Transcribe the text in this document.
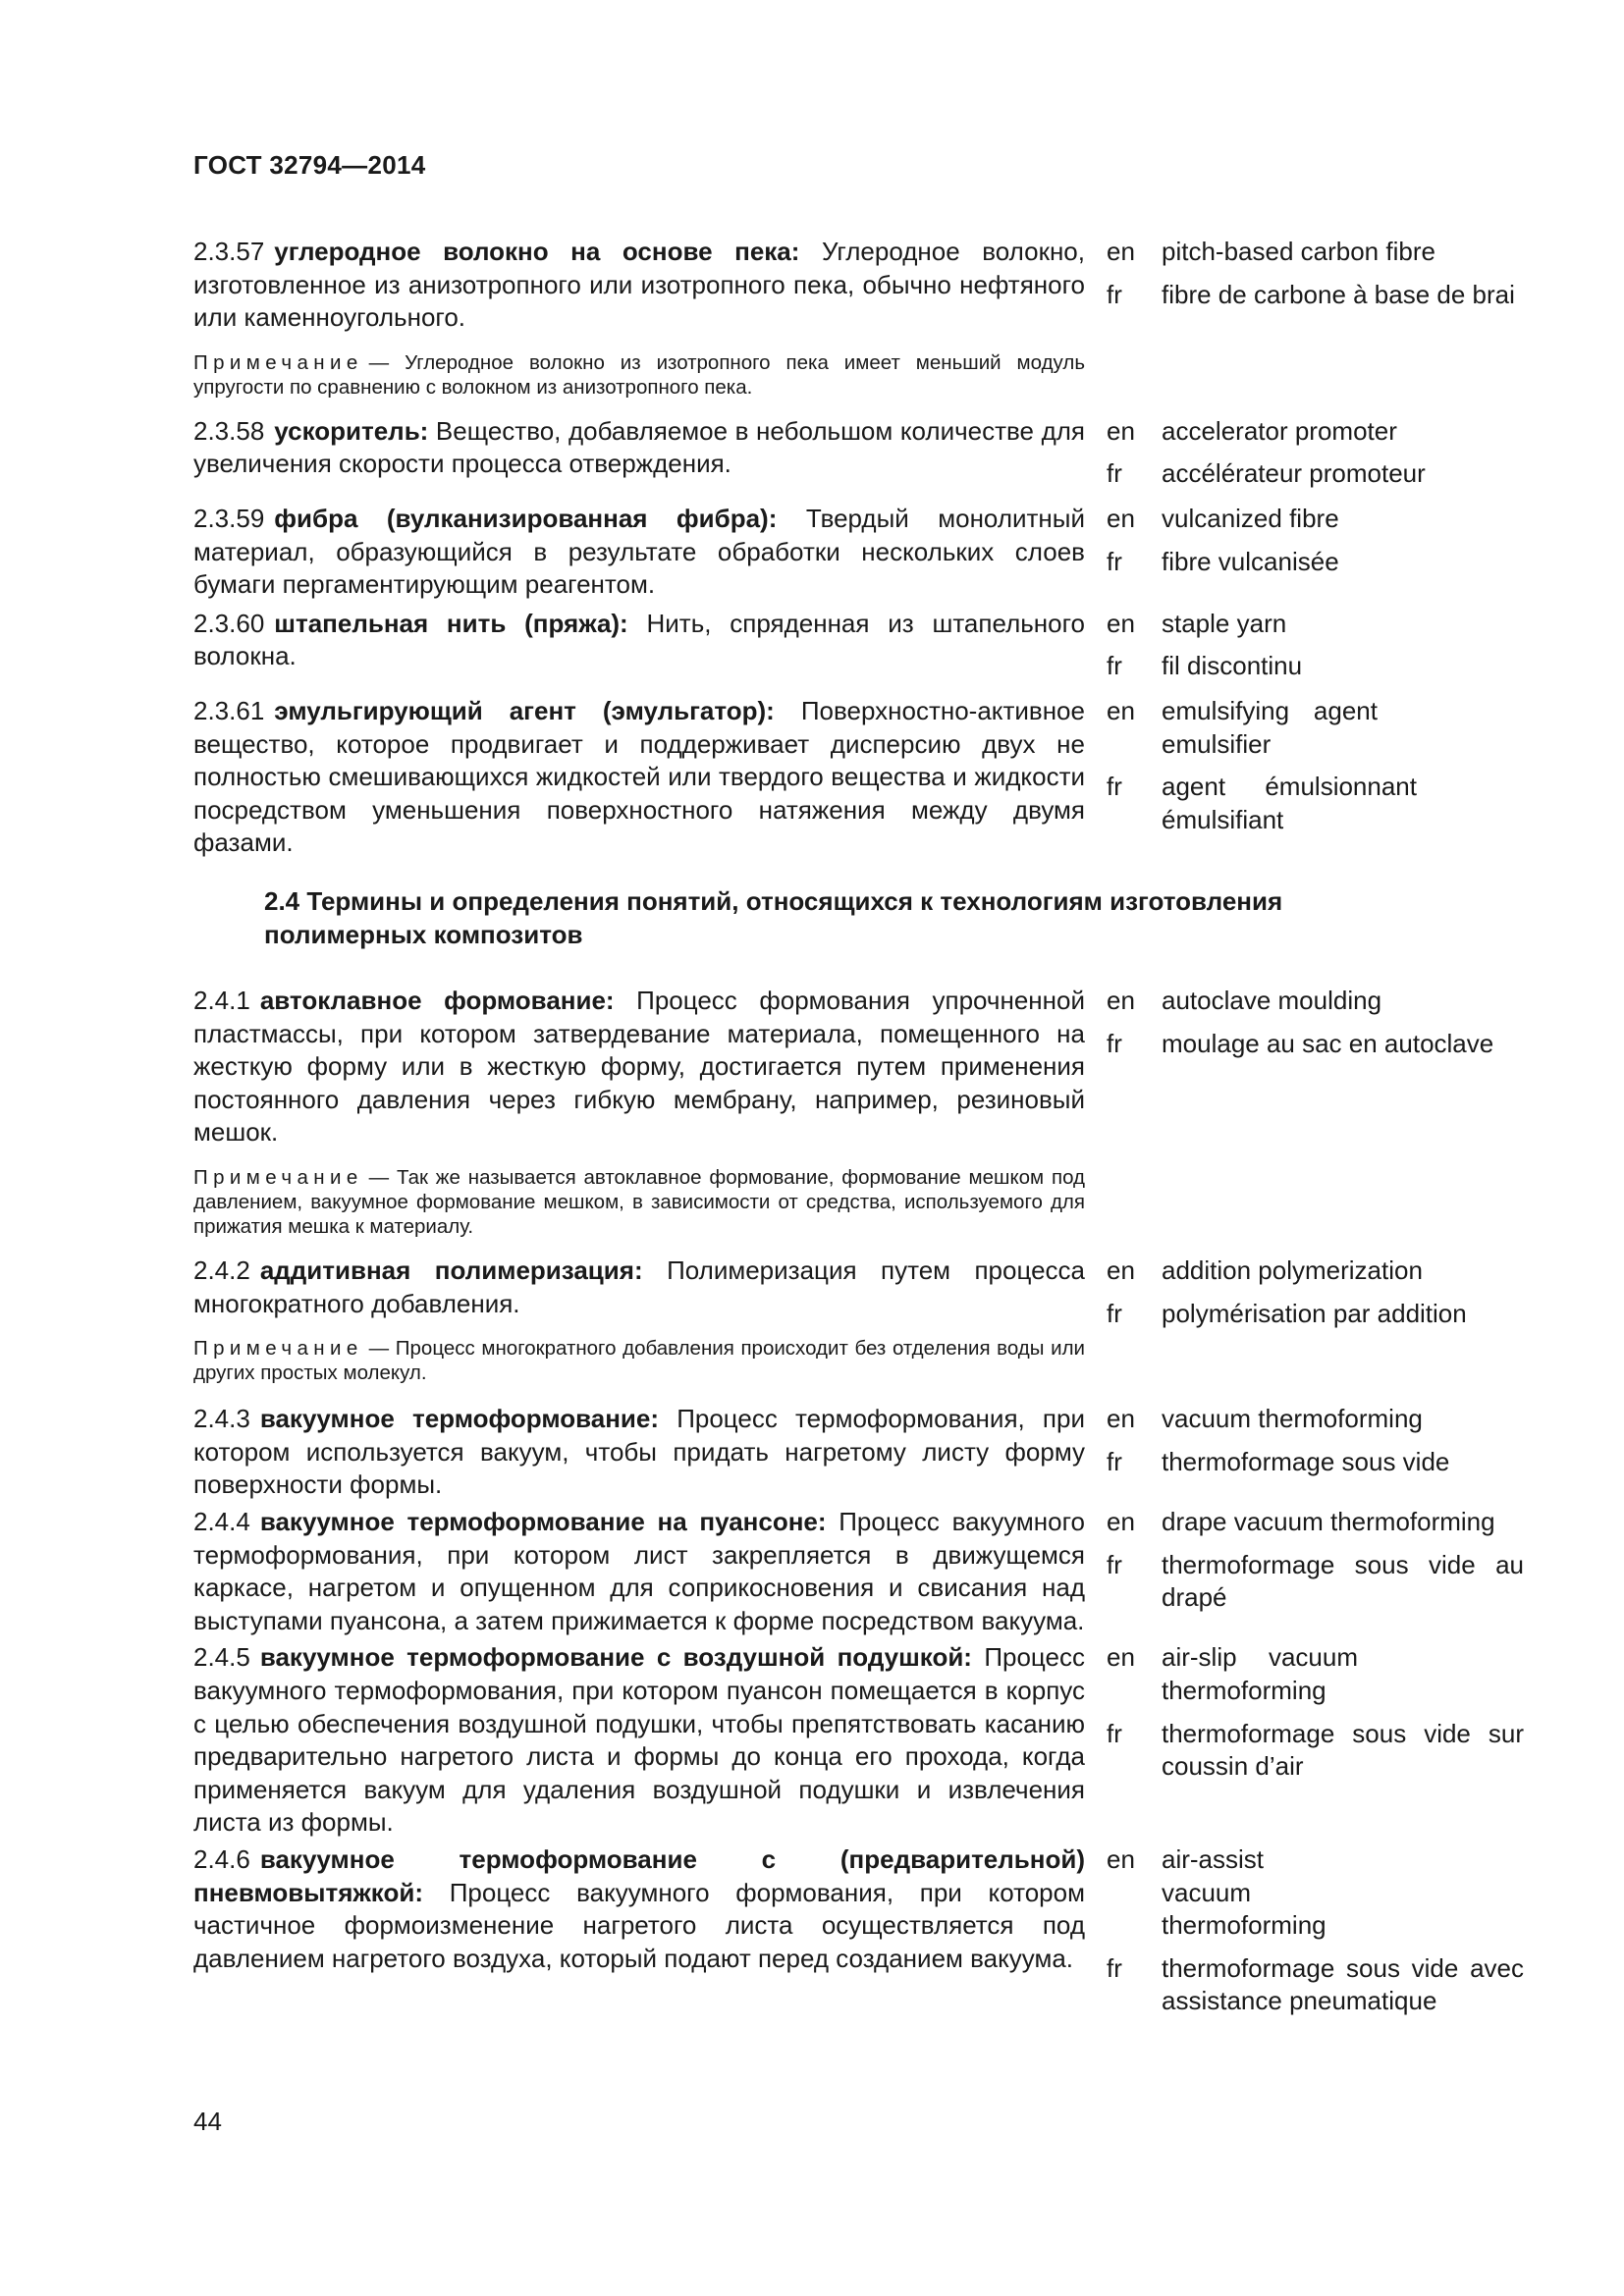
ГОСТ 32794—2014
2.3.57 углеродное волокно на основе пека: Углеродное волокно, изготовленное из анизотропного или изотропного пека, обычно нефтяного или каменноугольного.
Примечание — Углеродное волокно из изотропного пека имеет меньший модуль упругости по сравнению с волокном из анизотропного пека.
en	pitch-based carbon fibre
fr	fibre de carbone à base de brai
2.3.58 ускоритель: Вещество, добавляемое в небольшом количестве для увеличения скорости процесса отверждения.
en	accelerator promoter
fr	accélérateur promoteur
2.3.59 фибра (вулканизированная фибра): Твердый монолитный материал, образующийся в результате обработки нескольких слоев бумаги пергаментирующим реагентом.
en	vulcanized fibre
fr	fibre vulcanisée
2.3.60 штапельная нить (пряжа): Нить, спряденная из штапельного волокна.
en	staple yarn
fr	fil discontinu
2.3.61 эмульгирующий агент (эмульгатор): Поверхностно-активное вещество, которое продвигает и поддерживает дисперсию двух не полностью смешивающихся жидкостей или твердого вещества и жидкости посредством уменьшения поверхностного натяжения между двумя фазами.
en	emulsifying agent emulsifier
fr	agent émulsionnant émulsifiant
2.4 Термины и определения понятий, относящихся к технологиям изготовления полимерных композитов
2.4.1 автоклавное формование: Процесс формования упрочненной пластмассы, при котором затвердевание материала, помещенного на жесткую форму или в жесткую форму, достигается путем применения постоянного давления через гибкую мембрану, например, резиновый мешок.
Примечание — Так же называется автоклавное формование, формование мешком под давлением, вакуумное формование мешком, в зависимости от средства, используемого для прижатия мешка к материалу.
en	autoclave moulding
fr	moulage au sac en autoclave
2.4.2 аддитивная полимеризация: Полимеризация путем процесса многократного добавления.
Примечание — Процесс многократного добавления происходит без отделения воды или других простых молекул.
en	addition polymerization
fr	polymérisation par addition
2.4.3 вакуумное термоформование: Процесс термоформования, при котором используется вакуум, чтобы придать нагретому листу форму поверхности формы.
en	vacuum thermoforming
fr	thermoformage sous vide
2.4.4 вакуумное термоформование на пуансоне: Процесс вакуумного термоформования, при котором лист закрепляется в движущемся каркасе, нагретом и опущенном для соприкосновения и свисания над выступами пуансона, а затем прижимается к форме посредством вакуума.
en	drape vacuum thermoforming
fr	thermoformage sous vide au drapé
2.4.5 вакуумное термоформование с воздушной подушкой: Процесс вакуумного термоформования, при котором пуансон помещается в корпус с целью обеспечения воздушной подушки, чтобы препятствовать касанию предварительно нагретого листа и формы до конца его прохода, когда применяется вакуум для удаления воздушной подушки и извлечения листа из формы.
en	air-slip vacuum thermoforming
fr	thermoformage sous vide sur coussin d’air
2.4.6 вакуумное термоформование с (предварительной) пневмовытяжкой: Процесс вакуумного формования, при котором частичное формоизменение нагретого листа осуществляется под давлением нагретого воздуха, который подают перед созданием вакуума.
en	air-assist vacuum thermoforming
fr	thermoformage sous vide avec assistance pneumatique
44
